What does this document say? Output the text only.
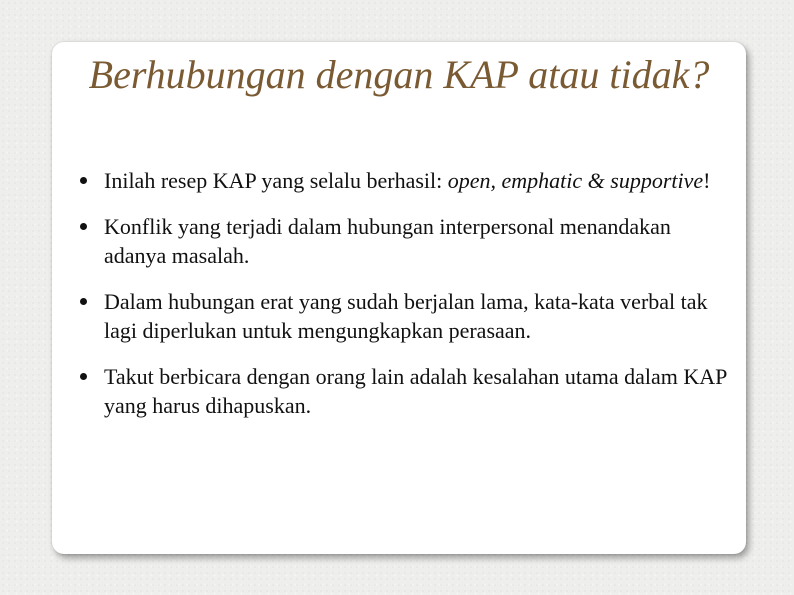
Berhubungan dengan KAP atau tidak?
Inilah resep KAP yang selalu berhasil: open, emphatic & supportive!
Konflik yang terjadi dalam hubungan interpersonal menandakan adanya masalah.
Dalam hubungan erat yang sudah berjalan lama, kata-kata verbal tak lagi diperlukan untuk mengungkapkan perasaan.
Takut berbicara dengan orang lain adalah kesalahan utama dalam KAP yang harus dihapuskan.
